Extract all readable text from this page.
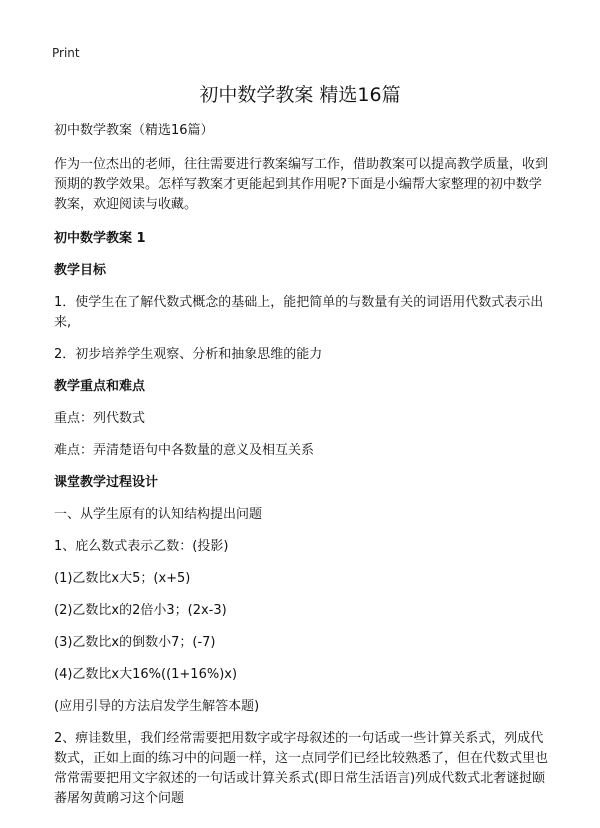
Print
初中数学教案 精选16篇
初中数学教案（精选16篇）
作为一位杰出的老师，往往需要进行教案编写工作，借助教案可以提高教学质量，收到预期的教学效果。怎样写教案才更能起到其作用呢?下面是小编帮大家整理的初中数学教案，欢迎阅读与收藏。
初中数学教案 1
教学目标
1．使学生在了解代数式概念的基础上，能把简单的与数量有关的词语用代数式表示出来,
2．初步培养学生观察、分析和抽象思维的能力
教学重点和难点
重点：列代数式
难点：弄清楚语句中各数量的意义及相互关系
课堂教学过程设计
一、从学生原有的认知结构提出问题
1、庇么数式表示乙数：(投影)
(1)乙数比x大5；(x+5)
(2)乙数比x的2倍小3；(2x-3)
(3)乙数比x的倒数小7；(-7)
(4)乙数比x大16%((1+16%)x)
(应用引导的方法启发学生解答本题)
2、痹诖数里，我们经常需要把用数字或字母叙述的一句话或一些计算关系式，列成代数式，正如上面的练习中的问题一样，这一点同学们已经比较熟悉了，但在代数式里也常常需要把用文字叙述的一句话或计算关系式(即日常生活语言)列成代数式北奢谜挝颐蕃屠匆黄鸸习这个问题
